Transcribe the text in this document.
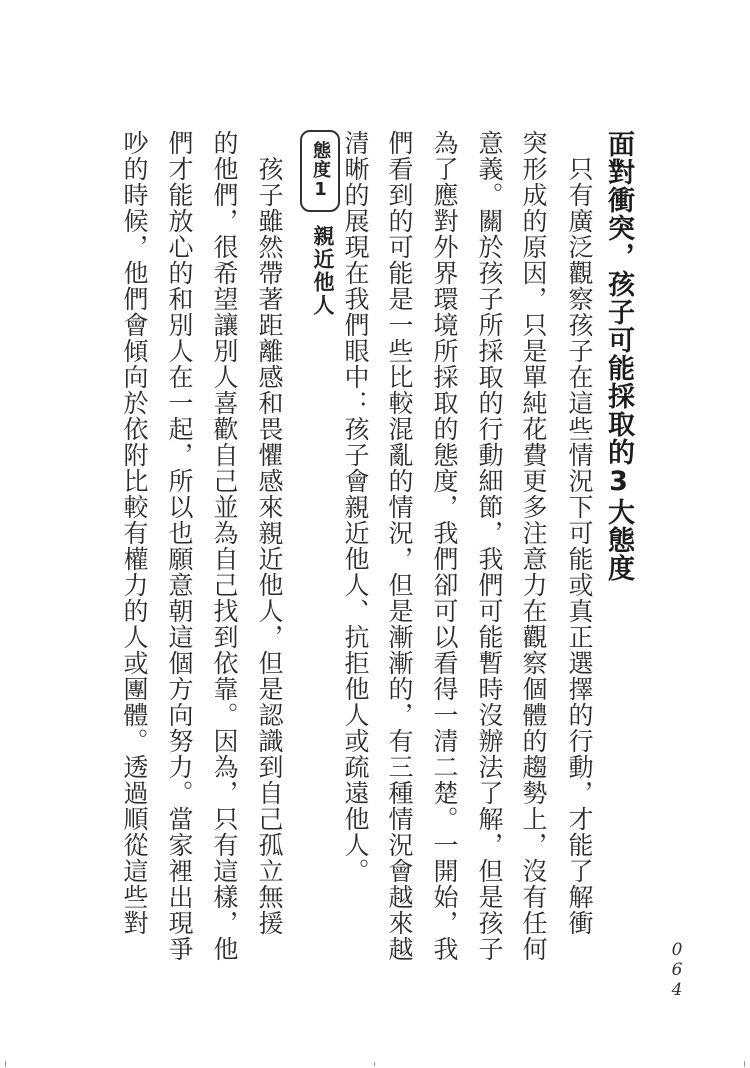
面對衝突，孩子可能採取的3大態度
　只有廣泛觀察孩子在這些情況下可能或真正選擇的行動，才能了解衝
突形成的原因，只是單純花費更多注意力在觀察個體的趨勢上，沒有任何
意義。關於孩子所採取的行動細節，我們可能暫時沒辦法了解，但是孩子
為了應對外界環境所採取的態度，我們卻可以看得一清二楚。一開始，我
們看到的可能是一些比較混亂的情況，但是漸漸的，有三種情況會越來越
清晰的展現在我們眼中：孩子會親近他人、抗拒他人或疏遠他人。
態度1
親近他人
　孩子雖然帶著距離感和畏懼感來親近他人，但是認識到自己孤立無援
的他們，很希望讓別人喜歡自己並為自己找到依靠。因為，只有這樣，他
們才能放心的和別人在一起，所以也願意朝這個方向努力。當家裡出現爭
吵的時候，他們會傾向於依附比較有權力的人或團體。透過順從這些對
0
6
4
